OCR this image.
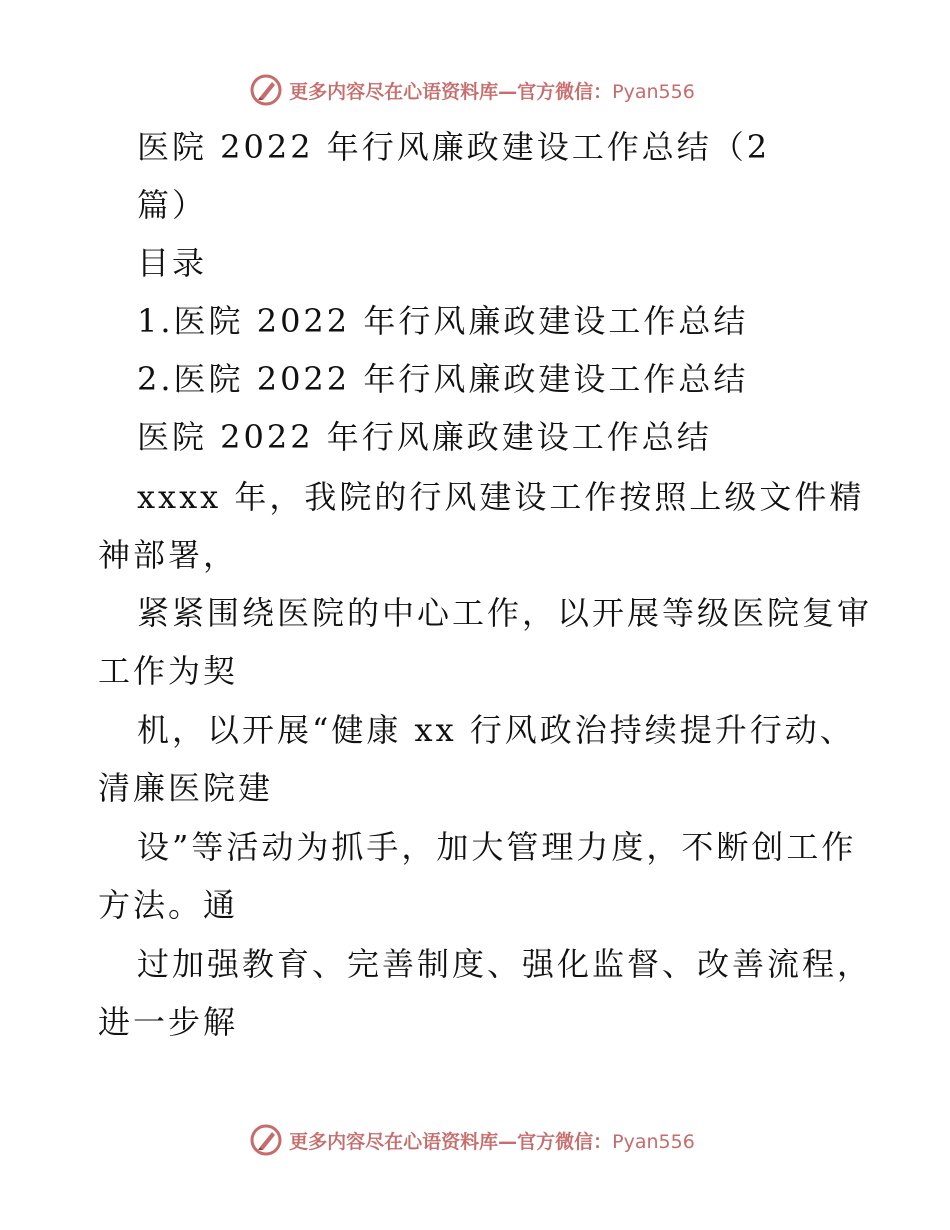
更多内容尽在心语资料库—官方微信：Pyan556
医院 2022 年行风廉政建设工作总结（2
篇）
目录
1.医院 2022 年行风廉政建设工作总结
2.医院 2022 年行风廉政建设工作总结
医院 2022 年行风廉政建设工作总结
xxxx 年，我院的行风建设工作按照上级文件精
神部署，
紧紧围绕医院的中心工作，以开展等级医院复审
工作为契
机，以开展“健康 xx 行风政治持续提升行动、
清廉医院建
设”等活动为抓手，加大管理力度，不断创工作
方法。通
过加强教育、完善制度、强化监督、改善流程，
进一步解
更多内容尽在心语资料库—官方微信：Pyan556
